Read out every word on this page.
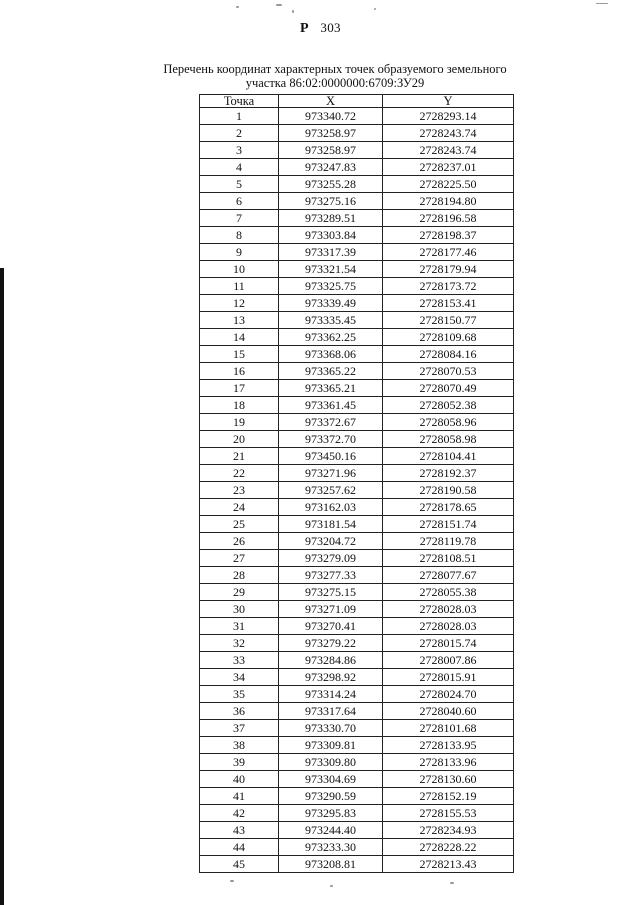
P 303
Перечень координат характерных точек образуемого земельного участка 86:02:0000000:6709:ЗУ29
Точка	X	Y
1	973340.72	2728293.14
2	973258.97	2728243.74
3	973258.97	2728243.74
4	973247.83	2728237.01
5	973255.28	2728225.50
6	973275.16	2728194.80
7	973289.51	2728196.58
8	973303.84	2728198.37
9	973317.39	2728177.46
10	973321.54	2728179.94
11	973325.75	2728173.72
12	973339.49	2728153.41
13	973335.45	2728150.77
14	973362.25	2728109.68
15	973368.06	2728084.16
16	973365.22	2728070.53
17	973365.21	2728070.49
18	973361.45	2728052.38
19	973372.67	2728058.96
20	973372.70	2728058.98
21	973450.16	2728104.41
22	973271.96	2728192.37
23	973257.62	2728190.58
24	973162.03	2728178.65
25	973181.54	2728151.74
26	973204.72	2728119.78
27	973279.09	2728108.51
28	973277.33	2728077.67
29	973275.15	2728055.38
30	973271.09	2728028.03
31	973270.41	2728028.03
32	973279.22	2728015.74
33	973284.86	2728007.86
34	973298.92	2728015.91
35	973314.24	2728024.70
36	973317.64	2728040.60
37	973330.70	2728101.68
38	973309.81	2728133.95
39	973309.80	2728133.96
40	973304.69	2728130.60
41	973290.59	2728152.19
42	973295.83	2728155.53
43	973244.40	2728234.93
44	973233.30	2728228.22
45	973208.81	2728213.43
